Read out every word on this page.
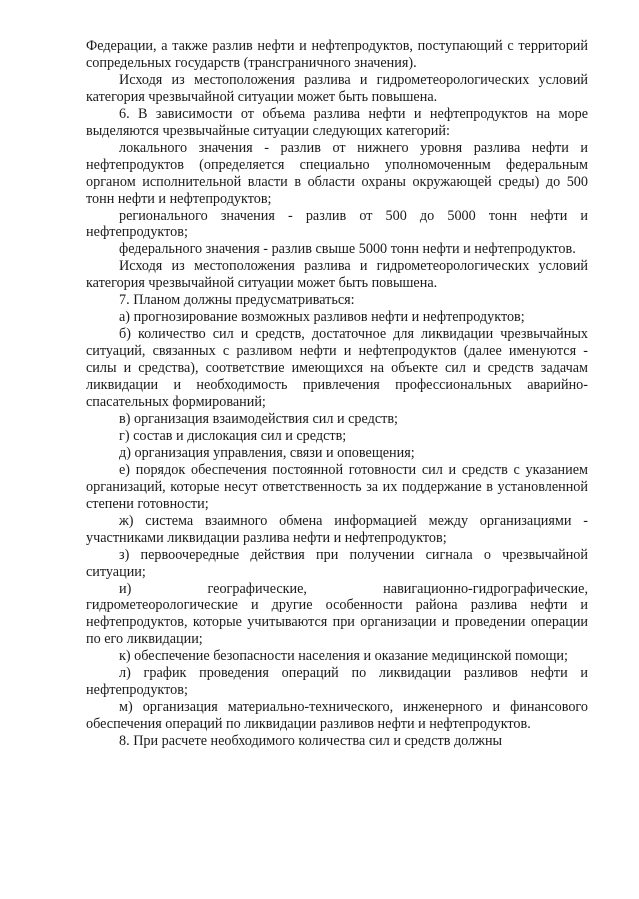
Федерации, а также разлив нефти и нефтепродуктов, поступающий с территорий сопредельных государств (трансграничного значения).

Исходя из местоположения разлива и гидрометеорологических условий категория чрезвычайной ситуации может быть повышена.

6. В зависимости от объема разлива нефти и нефтепродуктов на море выделяются чрезвычайные ситуации следующих категорий:

локального значения - разлив от нижнего уровня разлива нефти и нефтепродуктов (определяется специально уполномоченным федеральным органом исполнительной власти в области охраны окружающей среды) до 500 тонн нефти и нефтепродуктов;

регионального значения - разлив от 500 до 5000 тонн нефти и нефтепродуктов;

федерального значения - разлив свыше 5000 тонн нефти и нефтепродуктов.

Исходя из местоположения разлива и гидрометеорологических условий категория чрезвычайной ситуации может быть повышена.

7. Планом должны предусматриваться:

а) прогнозирование возможных разливов нефти и нефтепродуктов;

б) количество сил и средств, достаточное для ликвидации чрезвычайных ситуаций, связанных с разливом нефти и нефтепродуктов (далее именуются - силы и средства), соответствие имеющихся на объекте сил и средств задачам ликвидации и необходимость привлечения профессиональных аварийно-спасательных формирований;

в) организация взаимодействия сил и средств;

г) состав и дислокация сил и средств;

д) организация управления, связи и оповещения;

е) порядок обеспечения постоянной готовности сил и средств с указанием организаций, которые несут ответственность за их поддержание в установленной степени готовности;

ж) система взаимного обмена информацией между организациями - участниками ликвидации разлива нефти и нефтепродуктов;

з) первоочередные действия при получении сигнала о чрезвычайной ситуации;

и) географические, навигационно-гидрографические, гидрометеорологические и другие особенности района разлива нефти и нефтепродуктов, которые учитываются при организации и проведении операции по его ликвидации;

к) обеспечение безопасности населения и оказание медицинской помощи;

л) график проведения операций по ликвидации разливов нефти и нефтепродуктов;

м) организация материально-технического, инженерного и финансового обеспечения операций по ликвидации разливов нефти и нефтепродуктов.

8. При расчете необходимого количества сил и средств должны
